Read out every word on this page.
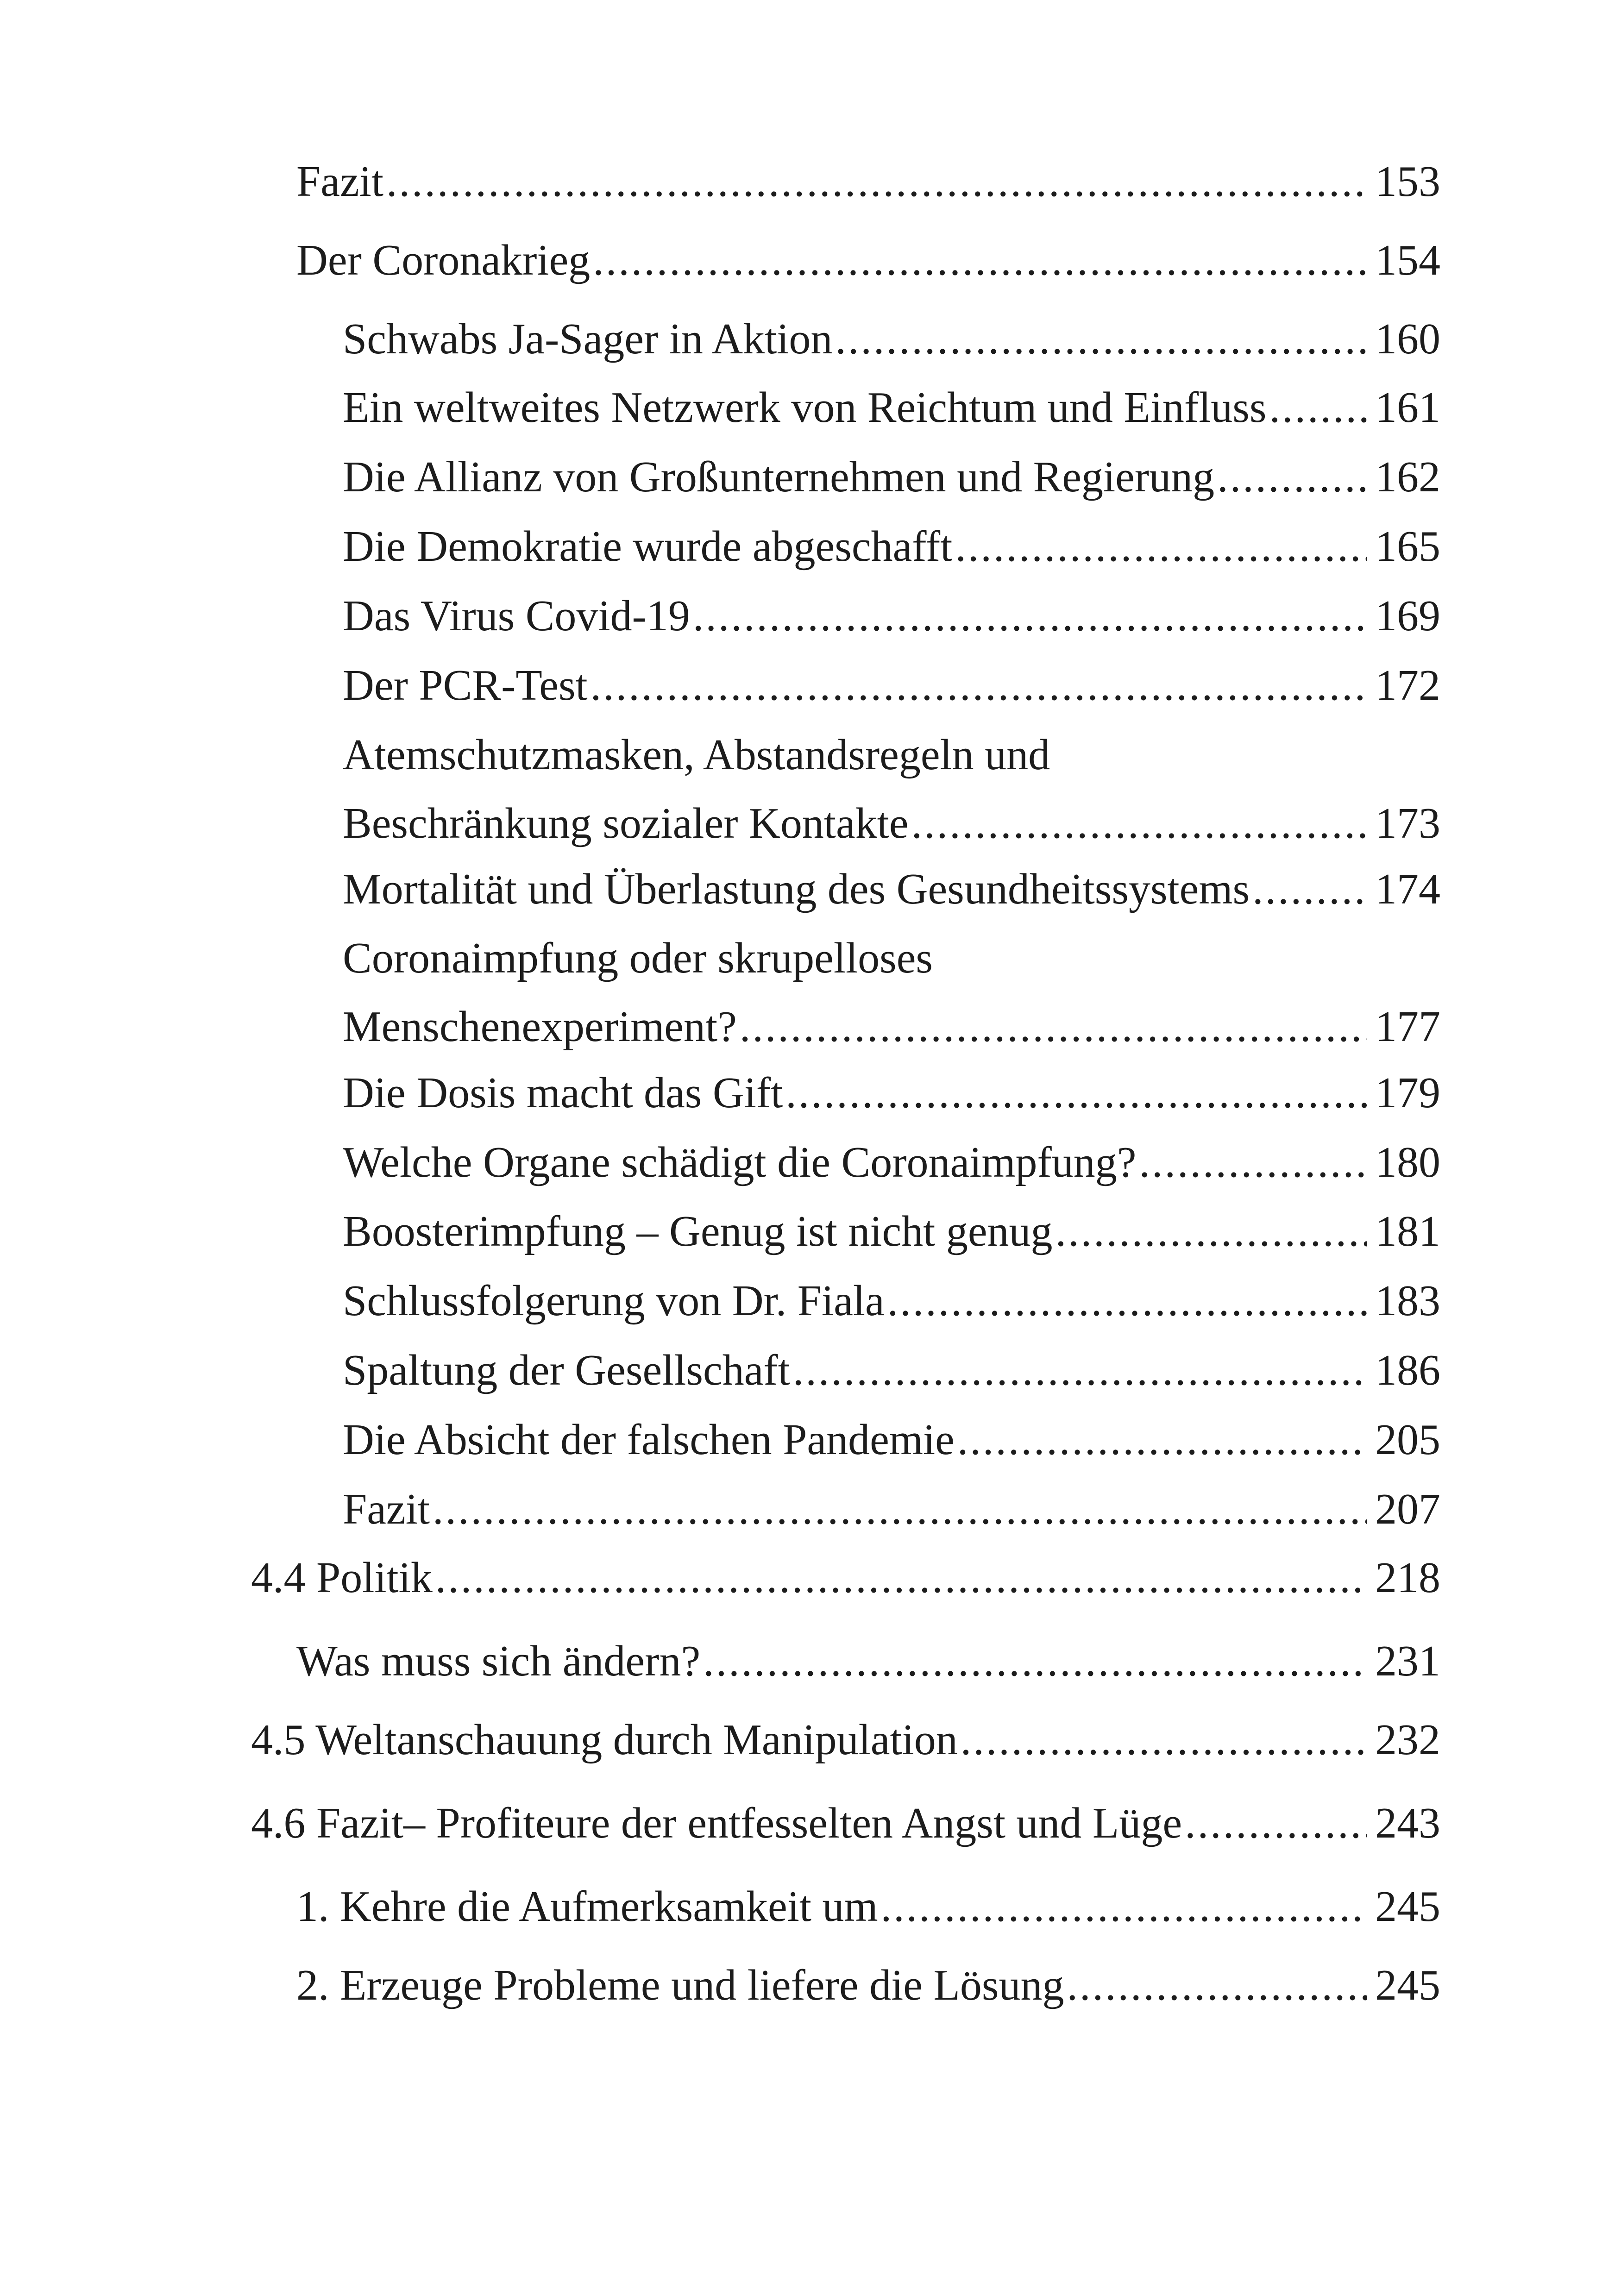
Fazit .....	153
Der Coronakrieg .....	154
Schwabs Ja-Sager in Aktion .....	160
Ein weltweites Netzwerk von Reichtum und Einfluss ..... 161
Die Allianz von Großunternehmen und Regierung .....	162
Die Demokratie wurde abgeschafft .....	165
Das Virus Covid-19 .....	169
Der PCR-Test .....	172
Atemschutzmasken, Abstandsregeln und
Beschränkung sozialer Kontakte .....	173
Mortalität und Überlastung des Gesundheitssystems .....	174
Coronaimpfung oder skrupelloses
Menschenexperiment? .....	177
Die Dosis macht das Gift .....	179
Welche Organe schädigt die Coronaimpfung? .....	180
Boosterimpfung – Genug ist nicht genug .....	181
Schlussfolgerung von Dr. Fiala .....	183
Spaltung der Gesellschaft .....	186
Die Absicht der falschen Pandemie .....	205
Fazit .....	207
4.4 Politik .....	218
Was muss sich ändern? .....	231
4.5 Weltanschauung durch Manipulation .....	232
4.6 Fazit– Profiteure der entfesselten Angst und Lüge .....	243
1. Kehre die Aufmerksamkeit um .....	245
2. Erzeuge Probleme und liefere die Lösung .....	245
